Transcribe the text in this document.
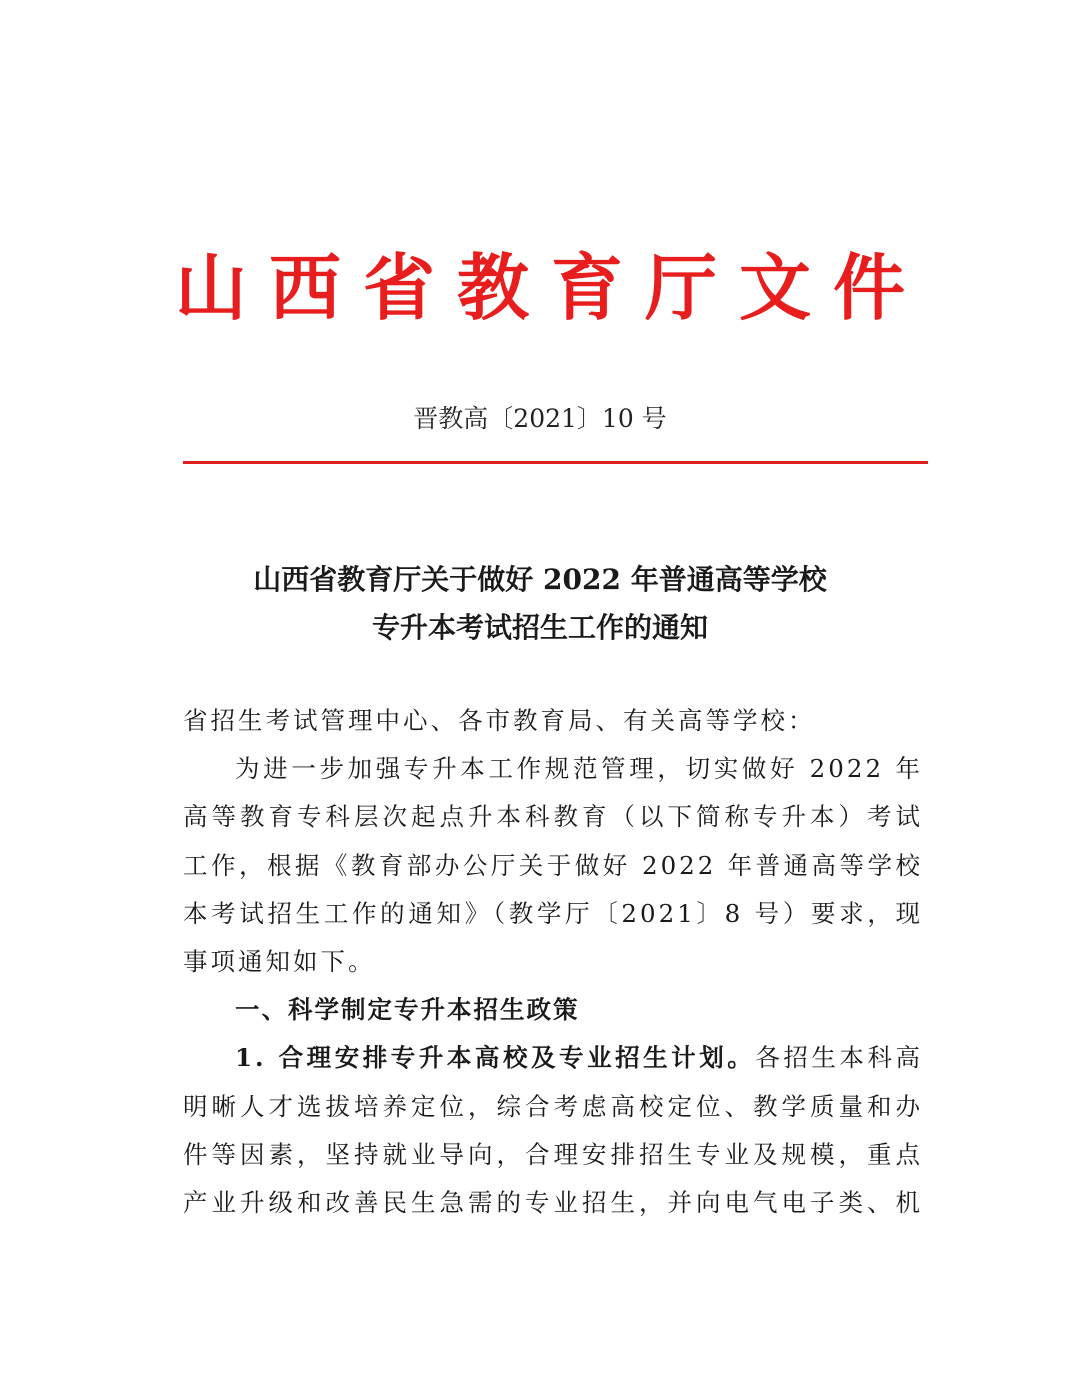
山西省教育厅文件
晋教高〔2021〕10 号
山西省教育厅关于做好 2022 年普通高等学校
专升本考试招生工作的通知
省招生考试管理中心、各市教育局、有关高等学校：
为进一步加强专升本工作规范管理，切实做好 2022 年
高等教育专科层次起点升本科教育（以下简称专升本）考试
工作，根据《教育部办公厅关于做好 2022 年普通高等学校
本考试招生工作的通知》（教学厅〔2021〕8 号）要求，现
事项通知如下。
一、科学制定专升本招生政策
1. 合理安排专升本高校及专业招生计划。各招生本科高
明晰人才选拔培养定位，综合考虑高校定位、教学质量和办
件等因素，坚持就业导向，合理安排招生专业及规模，重点
产业升级和改善民生急需的专业招生，并向电气电子类、机
